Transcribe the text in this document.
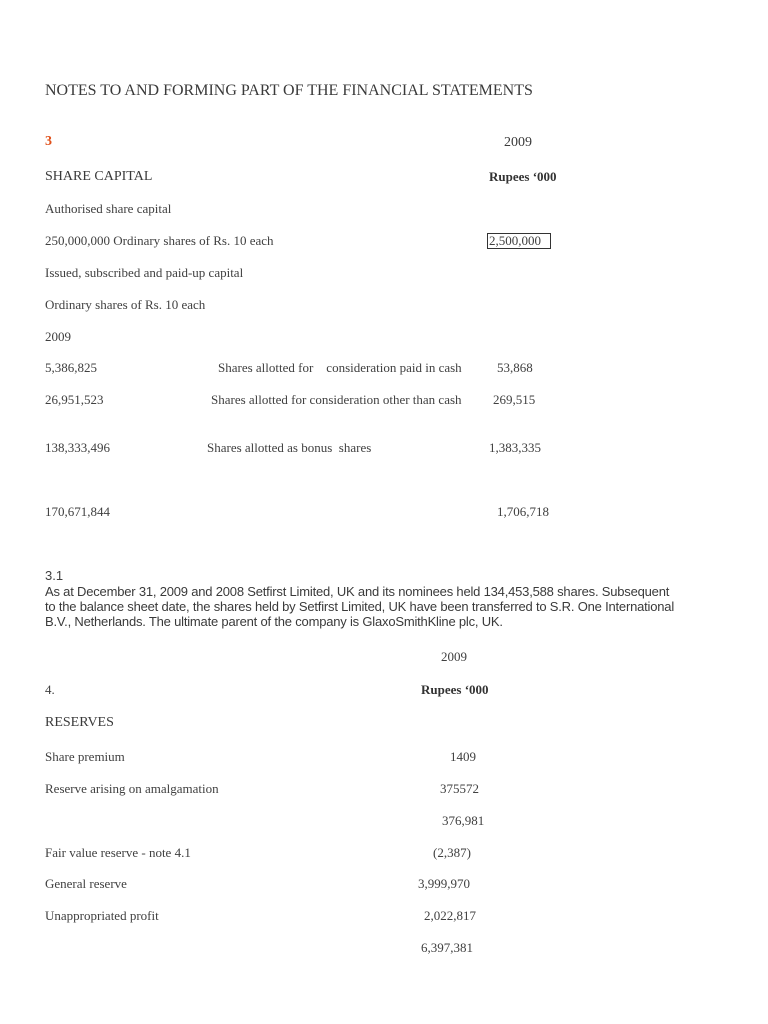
NOTES TO AND FORMING PART OF THE FINANCIAL STATEMENTS
3	2009
SHARE CAPITAL	Rupees ‘000
Authorised share capital
250,000,000 Ordinary shares of Rs. 10 each	2,500,000
Issued, subscribed and paid-up capital
Ordinary shares of Rs. 10 each
2009
5,386,825	Shares allotted for    consideration paid in cash	53,868
26,951,523	Shares allotted for consideration other than cash 269,515
138,333,496	Shares allotted as bonus  shares	1,383,335
170,671,844	1,706,718
3.1
As at December 31, 2009 and 2008 Setfirst Limited, UK and its nominees held 134,453,588 shares. Subsequent to the balance sheet date, the shares held by Setfirst Limited, UK have been transferred to S.R. One International B.V., Netherlands. The ultimate parent of the company is GlaxoSmithKline plc, UK.
2009
4.	Rupees ‘000
RESERVES
Share premium	1409
Reserve arising on amalgamation	375572
376,981
Fair value reserve - note 4.1	(2,387)
General reserve	3,999,970
Unappropriated profit	2,022,817
6,397,381
